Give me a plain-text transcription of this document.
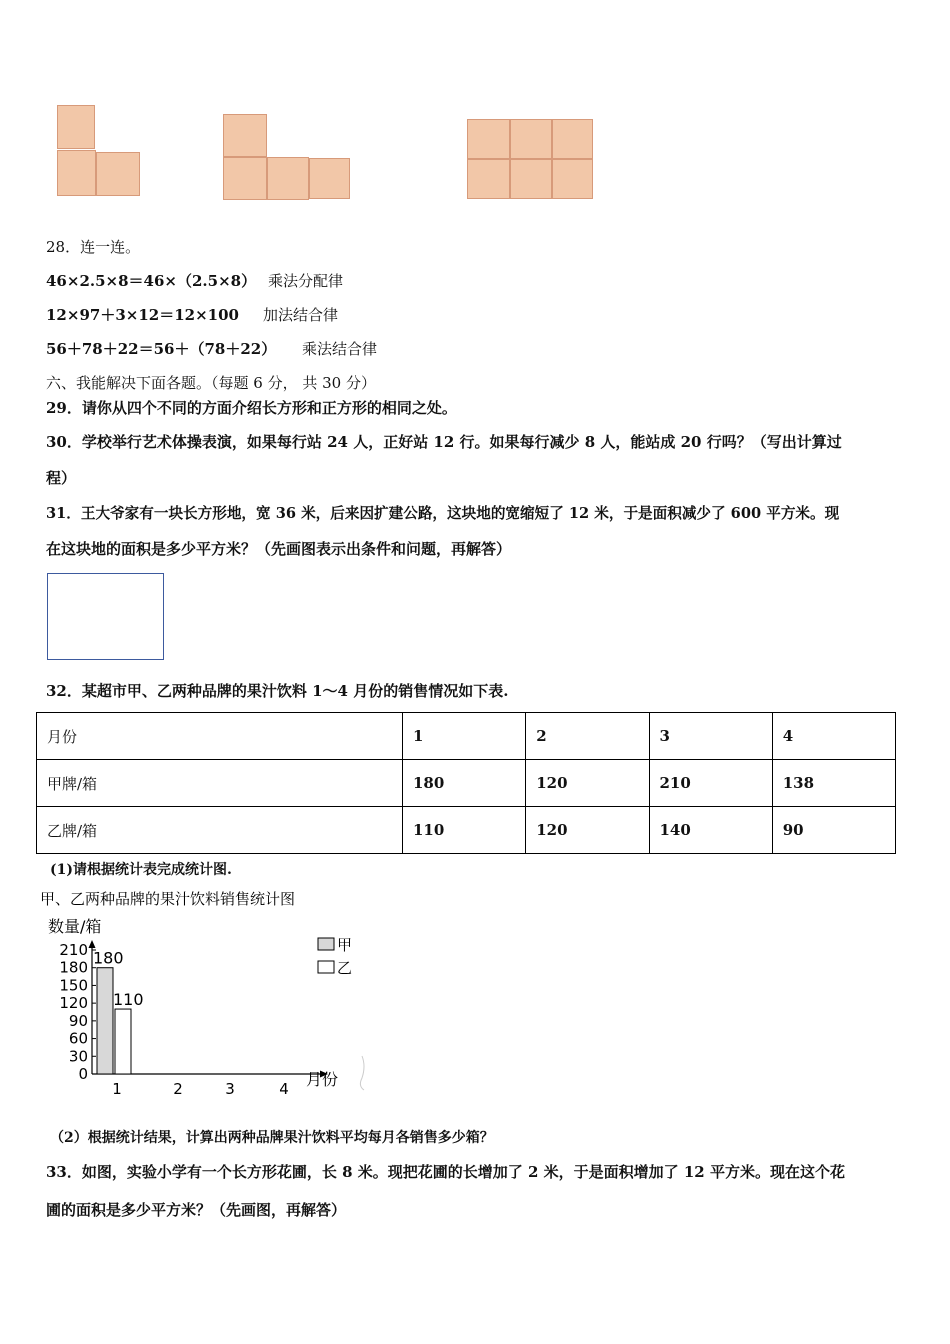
28．连一连。
46×2.5×8＝46×（2.5×8） 乘法分配律
12×97＋3×12＝12×100 加法结合律
56＋78＋22＝56＋（78＋22） 乘法结合律
六、我能解决下面各题。（每题 6 分， 共 30 分）
29．请你从四个不同的方面介绍长方形和正方形的相同之处。
30．学校举行艺术体操表演，如果每行站 24 人，正好站 12 行。如果每行减少 8 人，能站成 20 行吗？（写出计算过
程）
31．王大爷家有一块长方形地，宽 36 米，后来因扩建公路，这块地的宽缩短了 12 米，于是面积减少了 600 平方米。现
在这块地的面积是多少平方米？（先画图表示出条件和问题，再解答）
32．某超市甲、乙两种品牌的果汁饮料 1～4 月份的销售情况如下表.
月份	1	2	3	4
甲牌/箱	180	120	210	138
乙牌/箱	110	120	140	90
(1)请根据统计表完成统计图.
甲、乙两种品牌的果汁饮料销售统计图
数量/箱
月份
0
30
60
90
120
150
180
210
1	2	3	4
180
110
甲
乙
（2）根据统计结果，计算出两种品牌果汁饮料平均每月各销售多少箱？
33．如图，实验小学有一个长方形花圃，长 8 米。现把花圃的长增加了 2 米，于是面积增加了 12 平方米。现在这个花
圃的面积是多少平方米？（先画图，再解答）
